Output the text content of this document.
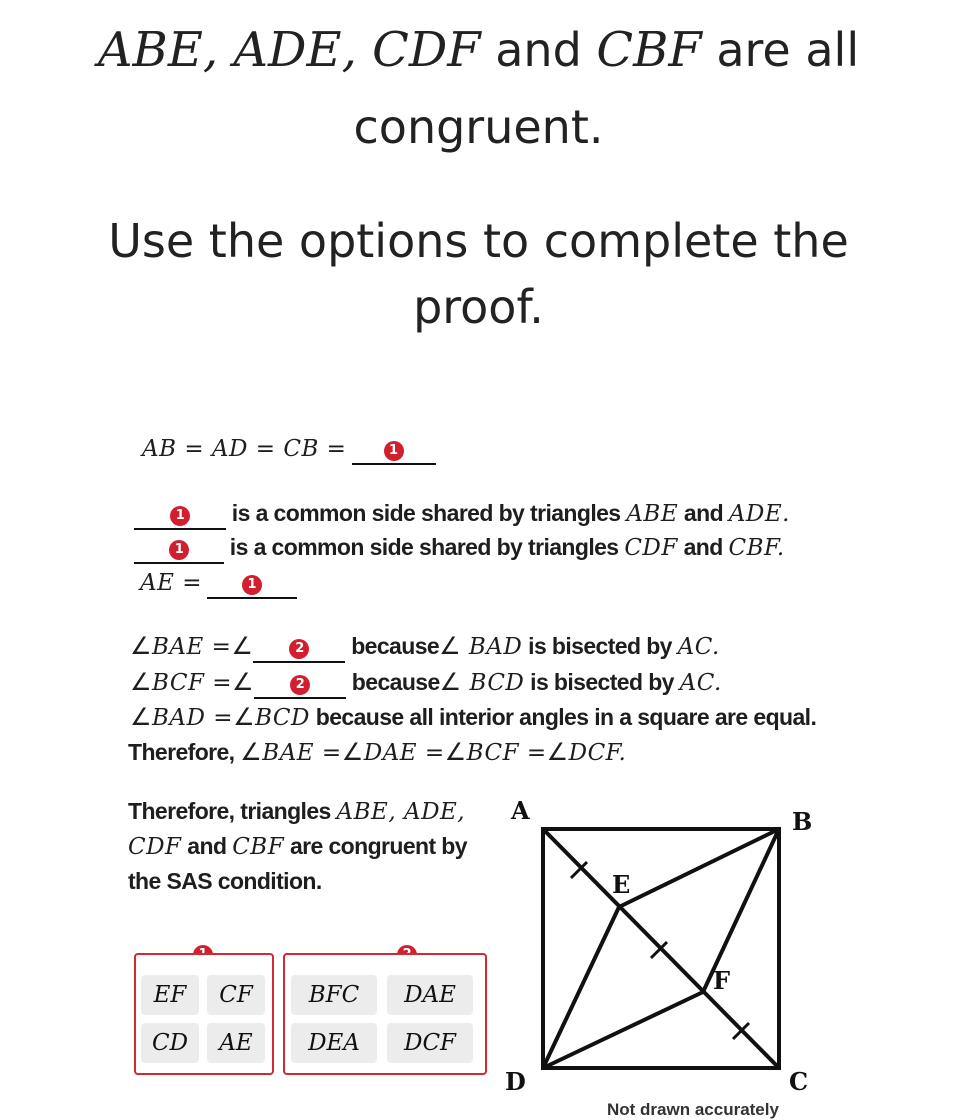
ABE, ADE, CDF and CBF are all
congruent.
Use the options to complete the
proof.
AB = AD = CB =	1
1 is a common side shared by triangles ABE and ADE.
1 is a common side shared by triangles CDF and CBF.
AE =	1
∠BAE =∠	2 because∠ BAD is bisected by AC.
∠BCF =∠	2 because∠ BCD is bisected by AC.
∠BAD =∠BCD because all interior angles in a square are equal.
Therefore, ∠BAE =∠DAE =∠BCF =∠DCF.
Therefore, triangles ABE, ADE,
CDF and CBF are congruent by
the SAS condition.

EF	CF
CD	AE
BFC	DAE
DEA	DCF
A	B
C
D
E
F
Not drawn accurately
